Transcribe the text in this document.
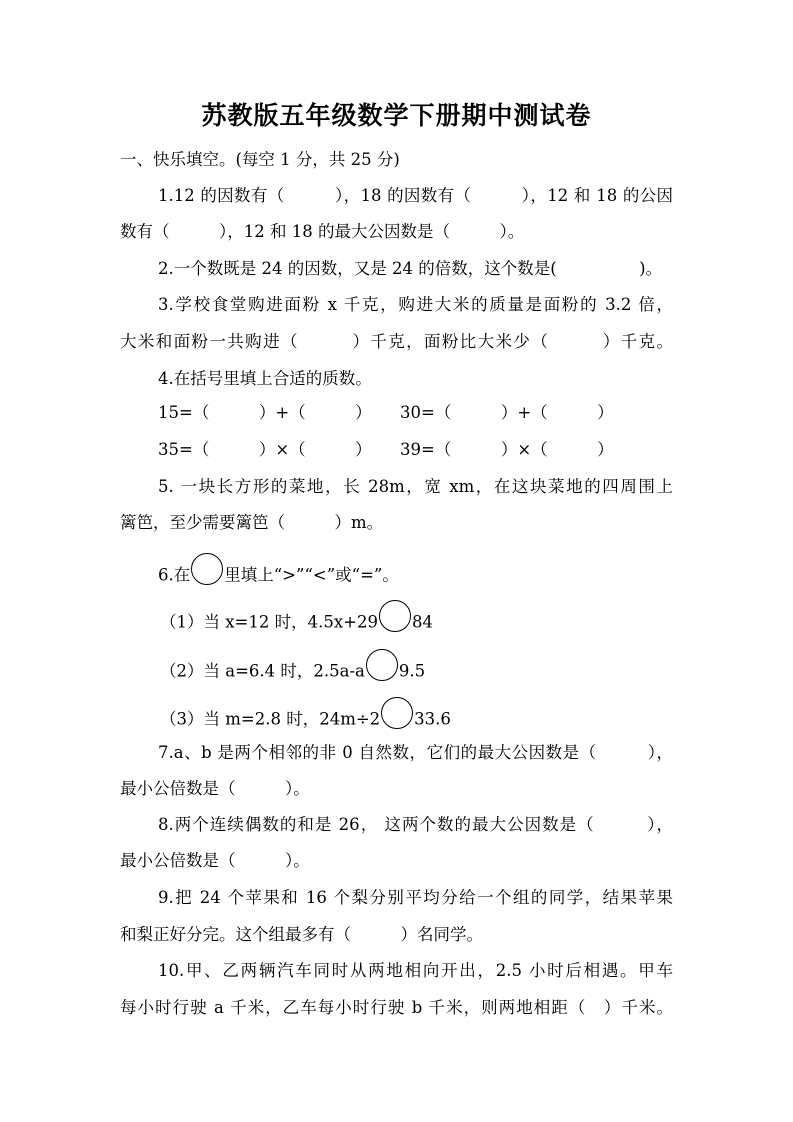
苏教版五年级数学下册期中测试卷
一、快乐填空。(每空 1 分，共 25 分)
1.12 的因数有（　　　），18 的因数有（　　　），12 和 18 的公因
数有（　　　），12 和 18 的最大公因数是（　　　）。
2.一个数既是 24 的因数，又是 24 的倍数，这个数是(　　　　　)。
3.学校食堂购进面粉 x 千克，购进大米的质量是面粉的 3.2 倍，
大米和面粉一共购进（　　　）千克，面粉比大米少（　　　）千克。
4.在括号里填上合适的质数。
15=（　　　）+（　　　） 30=（　　　）+（　　　）
35=（　　　）×（　　　） 39=（　　　）×（　　　）
5. 一块长方形的菜地，长 28m，宽 xm，在这块菜地的四周围上
篱笆，至少需要篱笆（　　　）m。
6.在 里填上“>”“<”或“=”。
（1）当 x=12 时，4.5x+29 84
（2）当 a=6.4 时，2.5a-a 9.5
（3）当 m=2.8 时，24m÷2 33.6
7.a、b 是两个相邻的非 0 自然数，它们的最大公因数是（　　　），
最小公倍数是（　　　）。
8.两个连续偶数的和是 26， 这两个数的最大公因数是（　　　），
最小公倍数是（　　　）。
9.把 24 个苹果和 16 个梨分别平均分给一个组的同学，结果苹果
和梨正好分完。这个组最多有（　　　）名同学。
10.甲、乙两辆汽车同时从两地相向开出，2.5 小时后相遇。甲车
每小时行驶 a 千米，乙车每小时行驶 b 千米，则两地相距（　）千米。
